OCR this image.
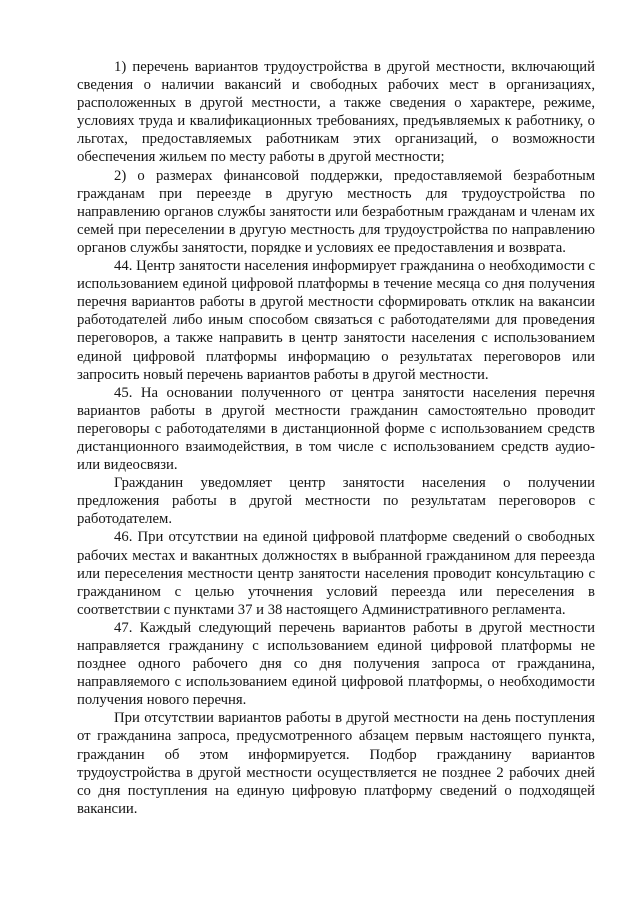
1) перечень вариантов трудоустройства в другой местности, включающий сведения о наличии вакансий и свободных рабочих мест в организациях, расположенных в другой местности, а также сведения о характере, режиме, условиях труда и квалификационных требованиях, предъявляемых к работнику, о льготах, предоставляемых работникам этих организаций, о возможности обеспечения жильем по месту работы в другой местности;

2) о размерах финансовой поддержки, предоставляемой безработным гражданам при переезде в другую местность для трудоустройства по направлению органов службы занятости или безработным гражданам и членам их семей при переселении в другую местность для трудоустройства по направлению органов службы занятости, порядке и условиях ее предоставления и возврата.

44. Центр занятости населения информирует гражданина о необходимости с использованием единой цифровой платформы в течение месяца со дня получения перечня вариантов работы в другой местности сформировать отклик на вакансии работодателей либо иным способом связаться с работодателями для проведения переговоров, а также направить в центр занятости населения с использованием единой цифровой платформы информацию о результатах переговоров или запросить новый перечень вариантов работы в другой местности.

45. На основании полученного от центра занятости населения перечня вариантов работы в другой местности гражданин самостоятельно проводит переговоры с работодателями в дистанционной форме с использованием средств дистанционного взаимодействия, в том числе с использованием средств аудио- или видеосвязи.

Гражданин уведомляет центр занятости населения о получении предложения работы в другой местности по результатам переговоров с работодателем.

46. При отсутствии на единой цифровой платформе сведений о свободных рабочих местах и вакантных должностях в выбранной гражданином для переезда или переселения местности центр занятости населения проводит консультацию с гражданином с целью уточнения условий переезда или переселения в соответствии с пунктами 37 и 38 настоящего Административного регламента.

47. Каждый следующий перечень вариантов работы в другой местности направляется гражданину с использованием единой цифровой платформы не позднее одного рабочего дня со дня получения запроса от гражданина, направляемого с использованием единой цифровой платформы, о необходимости получения нового перечня.

При отсутствии вариантов работы в другой местности на день поступления от гражданина запроса, предусмотренного абзацем первым настоящего пункта, гражданин об этом информируется. Подбор гражданину вариантов трудоустройства в другой местности осуществляется не позднее 2 рабочих дней со дня поступления на единую цифровую платформу сведений о подходящей вакансии.
